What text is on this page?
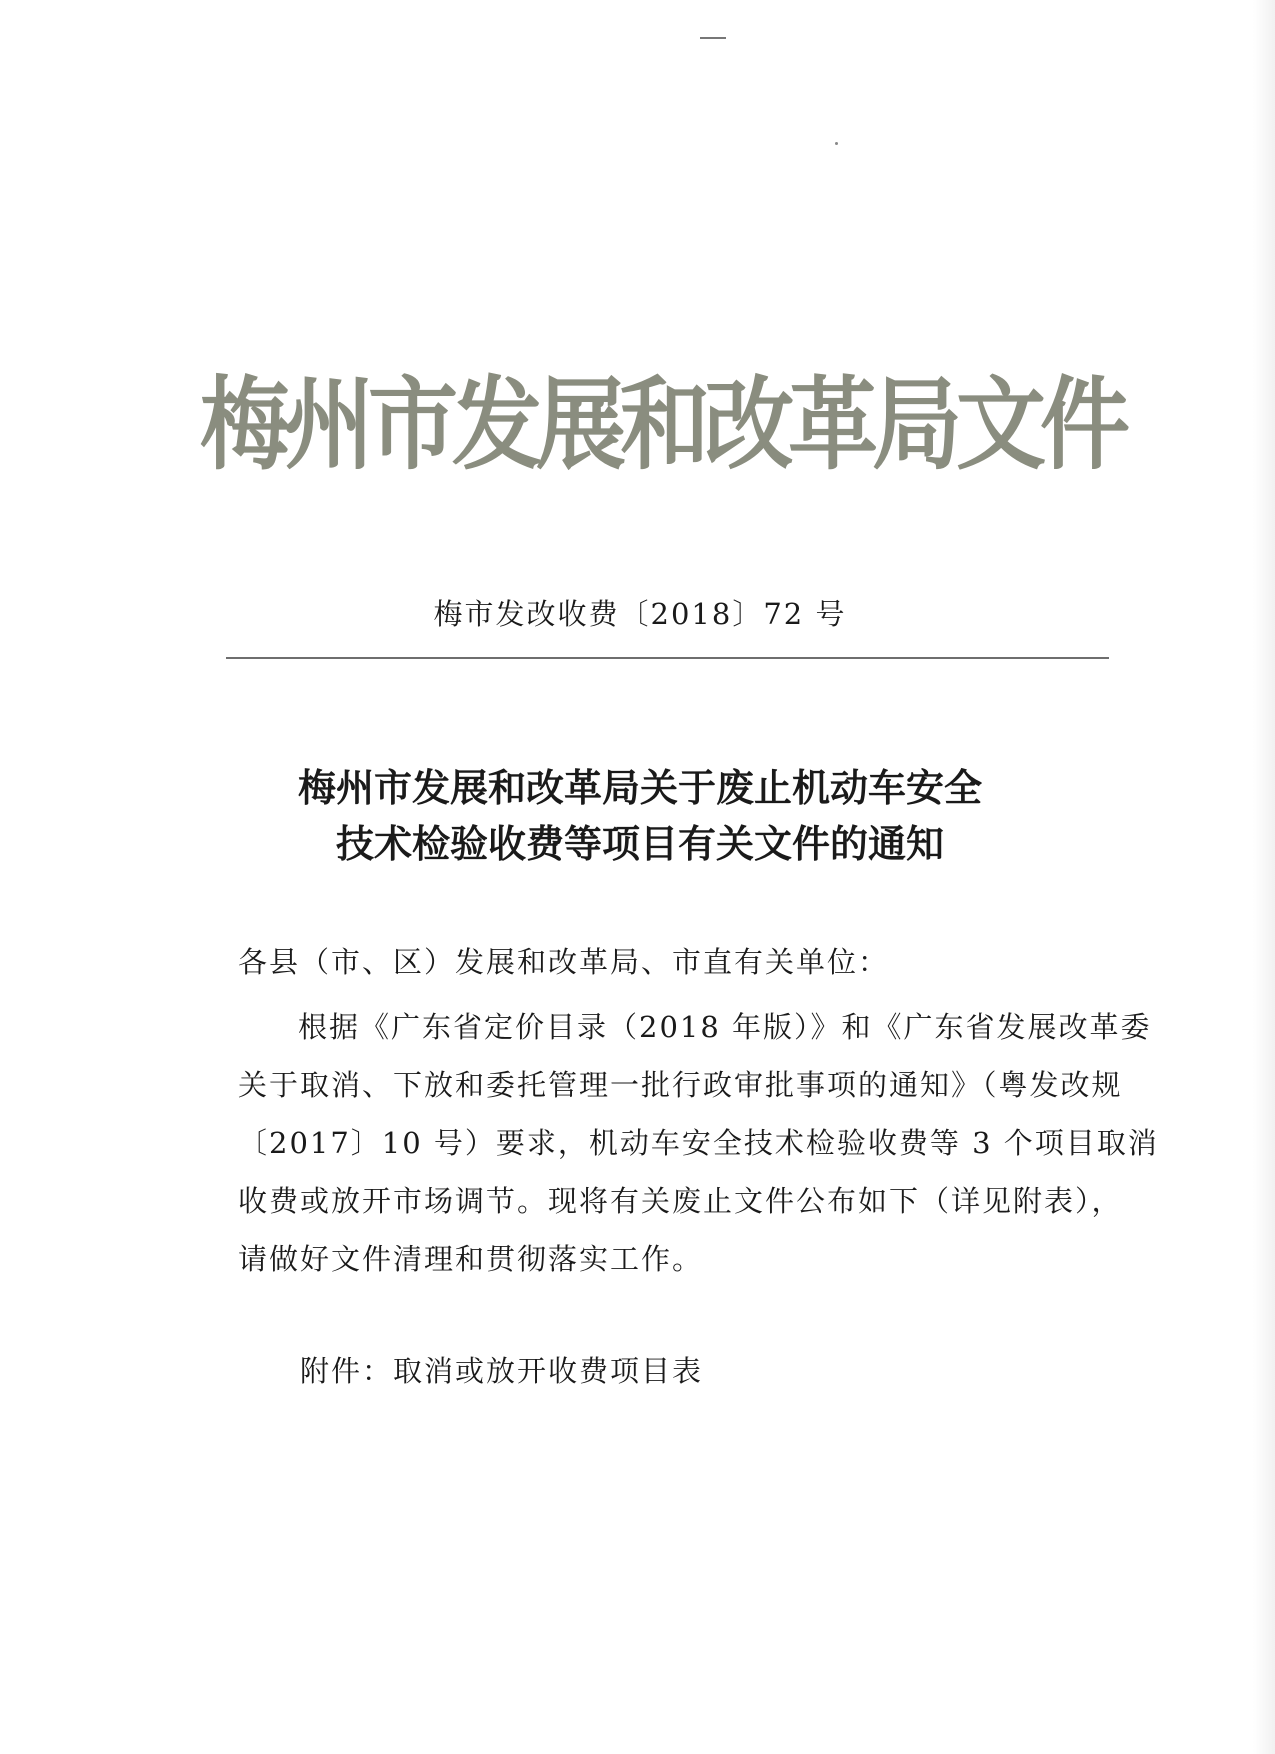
梅州市发展和改革局文件
梅市发改收费〔2018〕72 号
梅州市发展和改革局关于废止机动车安全
技术检验收费等项目有关文件的通知
各县（市、区）发展和改革局、市直有关单位：
根据《广东省定价目录（2018 年版）》和《广东省发展改革委
关于取消、下放和委托管理一批行政审批事项的通知》（粤发改规
〔2017〕10 号）要求，机动车安全技术检验收费等 3 个项目取消
收费或放开市场调节。现将有关废止文件公布如下（详见附表），
请做好文件清理和贯彻落实工作。
附件：取消或放开收费项目表
